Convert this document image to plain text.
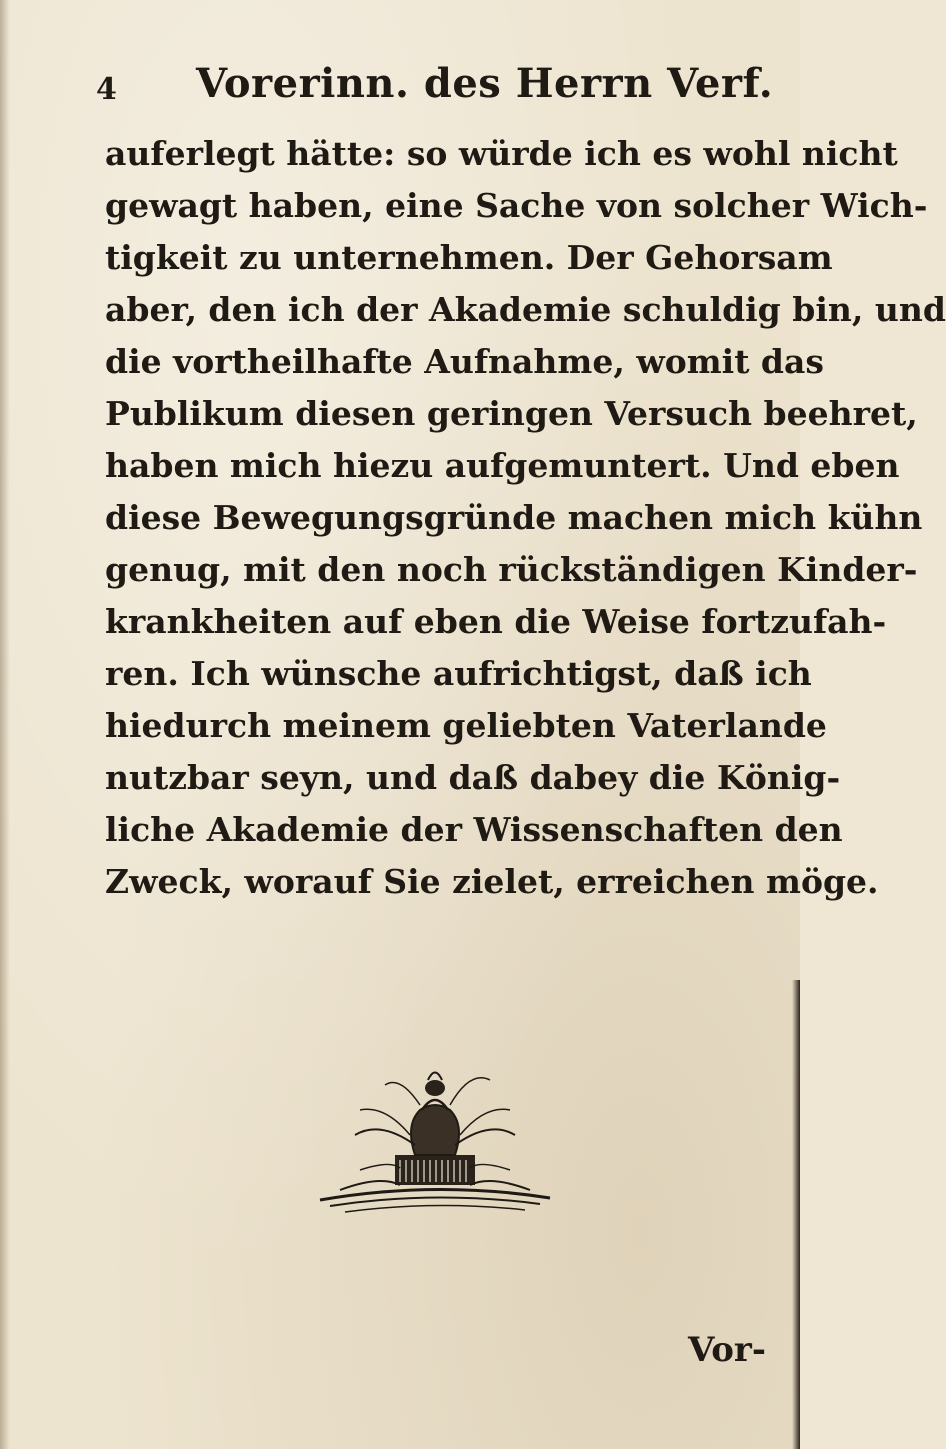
4 Vorerinn. des Herrn Verf.
auferlegt hätte: so würde ich es wohl nicht
gewagt haben, eine Sache von solcher Wich-
tigkeit zu unternehmen. Der Gehorsam
aber, den ich der Akademie schuldig bin, und
die vortheilhafte Aufnahme, womit das
Publikum diesen geringen Versuch beehret,
haben mich hiezu aufgemuntert. Und eben
diese Bewegungsgründe machen mich kühn
genug, mit den noch rückständigen Kinder-
krankheiten auf eben die Weise fortzufah-
ren. Ich wünsche aufrichtigst, daß ich
hiedurch meinem geliebten Vaterlande
nutzbar seyn, und daß dabey die König-
liche Akademie der Wissenschaften den
Zweck, worauf Sie zielet, erreichen möge.
Vor-
